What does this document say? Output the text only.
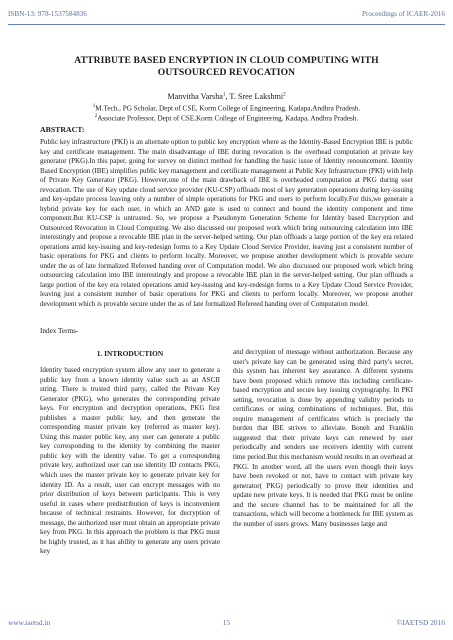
ISBN-13: 978-1537584836	Proceedings of ICAER-2016
ATTRIBUTE BASED ENCRYPTION IN CLOUD COMPUTING WITH OUTSOURCED REVOCATION
Manvitha Varsha$^1$, T. Sree Lakshmi$^2$
$^1$M.Tech., PG Scholar, Dept of CSE, Korm College of Engineering, Kadapa,Andhra Pradesh.
$^2$Associate Professor, Dept of CSE,Korm College of Engineering, Kadapa, Andhra Pradesh.
ABSTRACT:
Public key infrastructure (PKI) is an alternate option to public key encryption where as the Identity-Based Encryption IBE is public key and certificate management. The main disadvantage of IBE during revocation is the overhead computation at private key generator (PKG).In this paper, going for survey on distinct method for handling the basic issue of Identity renouncement. Identity Based Encryption (IBE) simplifies public key management and certificate management at Public Key Infrastructure (PKI) with help of Private Key Generator (PKG). However,one of the main drawback of IBE is overheaded computation at PKG during user revocation. The use of Key update cloud service provider (KU-CSP) offloads most of key generation operations during key-issuing and key-update process leaving only a number of simple operations for PKG and users to perform locally.For this,we generate a hybrid private key for each user, in which an AND gate is used to connect and bound the identity component and time component.But KU-CSP is untrusted. So, we propose a Pseudonym Generation Scheme for Identity based Encryption and Outsourced Revocation in Cloud Computing. We also discussed our proposed work which bring outsourcing calculation into IBE interestingly and propose a revocable IBE plan in the server-helped setting. Our plan offloads a large portion of the key era related operations amid key-issuing and key-redesign forms to a Key Update Cloud Service Provider, leaving just a consistent number of basic operations for PKG and clients to perform locally. Moreover, we propose another development which is provable secure under the as of late formalized Refereed handing over of Computation model. We also discussed our proposed work which bring outsourcing calculation into IBE interestingly and propose a revocable IBE plan in the server-helped setting. Our plan offloads a large portion of the key era related operations amid key-issuing and key-redesign forms to a Key Update Cloud Service Provider, leaving just a consistent number of basic operations for PKG and clients to perform locally. Moreover, we propose another development which is provable secure under the as of late formalized Refereed handing over of Computation model.
Index Terms-
1. INTRODUCTION
Identity based encryption system allow any user to generate a public key from a known identity value such as an ASCII string. There is trusted third party, called the Private Key Generator (PKG), who generates the corresponding private keys. For encryption and decryption operations, PKG first publishes a master public key, and then generate the corresponding master private key (referred as master key). Using this master public key, any user can generate a public key corresponding to the identity by combining the master public key with the identity value. To get a corresponding private key, authorized user can use identity ID contacts PKG, which uses the master private key to generate private key for identity ID. As a result, user can encrypt messages with no prior distribution of keys between participants. This is very useful in cases where predistribution of keys is inconvenient because of technical restraints. However, for decryption of message, the authorized user must obtain an appropriate private key from PKG. In this approach the problem is that PKG must be highly trusted, as it has ability to generate any users private key
and decryption of message without authorization. Because any user's private key can be generated using third party's secret, this system has inherent key assurance. A different systems have been proposed which remove this including certificate-based encryption and secure key issuing cryptography. In PKI setting, revocation is done by appending validity periods to certificates or using combinations of techniques. But, this require management of certificates which is precisely the burden that IBE strives to alleviate. Boneh and Franklin suggested that their private keys can renewed by user periodically and senders use receivers identity with current time period.But this mechanism would results in an overhead at PKG. In another word, all the users even though their keys have been revoked or not, have to contact with private key generator( PKG) periodically to prove their identities and update new private keys. It is needed that PKG must be online and the secure channel has to be maintained for all the transactions, which will become a bottleneck for IBE system as the number of users grows. Many businesses large and
www.iaetsd.in	15	©IAETSD 2016
